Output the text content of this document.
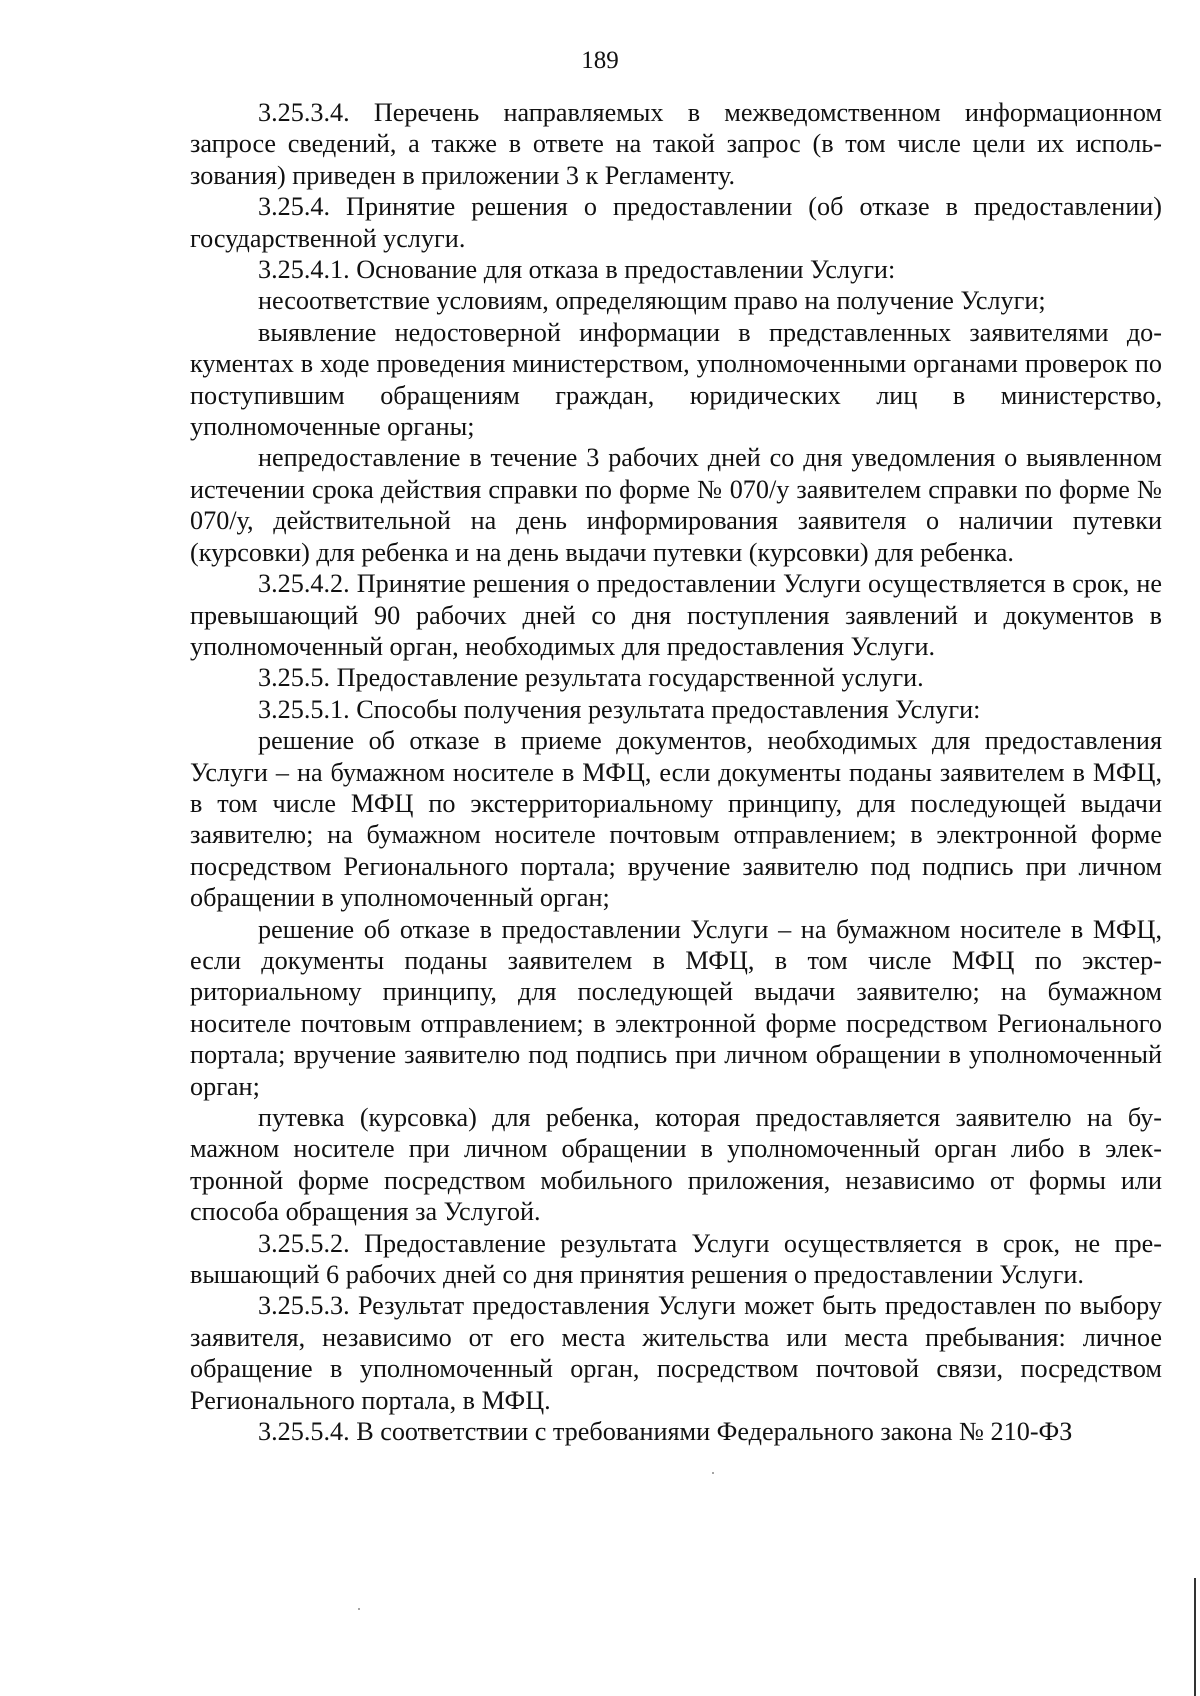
189

3.25.3.4. Перечень направляемых в межведомственном информационном запросе сведений, а также в ответе на такой запрос (в том числе цели их использования) приведен в приложении 3 к Регламенту.

3.25.4. Принятие решения о предоставлении (об отказе в предоставлении) государственной услуги.

3.25.4.1. Основание для отказа в предоставлении Услуги:

несоответствие условиям, определяющим право на получение Услуги;

выявление недостоверной информации в представленных заявителями документах в ходе проведения министерством, уполномоченными органами проверок по поступившим обращениям граждан, юридических лиц в министерство, уполномоченные органы;

непредоставление в течение 3 рабочих дней со дня уведомления о выявленном истечении срока действия справки по форме № 070/у заявителем справки по форме № 070/у, действительной на день информирования заявителя о наличии путевки (курсовки) для ребенка и на день выдачи путевки (курсовки) для ребенка.

3.25.4.2. Принятие решения о предоставлении Услуги осуществляется в срок, не превышающий 90 рабочих дней со дня поступления заявлений и документов в уполномоченный орган, необходимых для предоставления Услуги.

3.25.5. Предоставление результата государственной услуги.

3.25.5.1. Способы получения результата предоставления Услуги:

решение об отказе в приеме документов, необходимых для предоставления Услуги – на бумажном носителе в МФЦ, если документы поданы заявителем в МФЦ, в том числе МФЦ по экстерриториальному принципу, для последующей выдачи заявителю; на бумажном носителе почтовым отправлением; в электронной форме посредством Регионального портала; вручение заявителю под подпись при личном обращении в уполномоченный орган;

решение об отказе в предоставлении Услуги – на бумажном носителе в МФЦ, если документы поданы заявителем в МФЦ, в том числе МФЦ по экстерриториальному принципу, для последующей выдачи заявителю; на бумажном носителе почтовым отправлением; в электронной форме посредством Регионального портала; вручение заявителю под подпись при личном обращении в уполномоченный орган;

путевка (курсовка) для ребенка, которая предоставляется заявителю на бумажном носителе при личном обращении в уполномоченный орган либо в электронной форме посредством мобильного приложения, независимо от формы или способа обращения за Услугой.

3.25.5.2. Предоставление результата Услуги осуществляется в срок, не превышающий 6 рабочих дней со дня принятия решения о предоставлении Услуги.

3.25.5.3. Результат предоставления Услуги может быть предоставлен по выбору заявителя, независимо от его места жительства или места пребывания: личное обращение в уполномоченный орган, посредством почтовой связи, посредством Регионального портала, в МФЦ.

3.25.5.4. В соответствии с требованиями Федерального закона № 210-ФЗ
